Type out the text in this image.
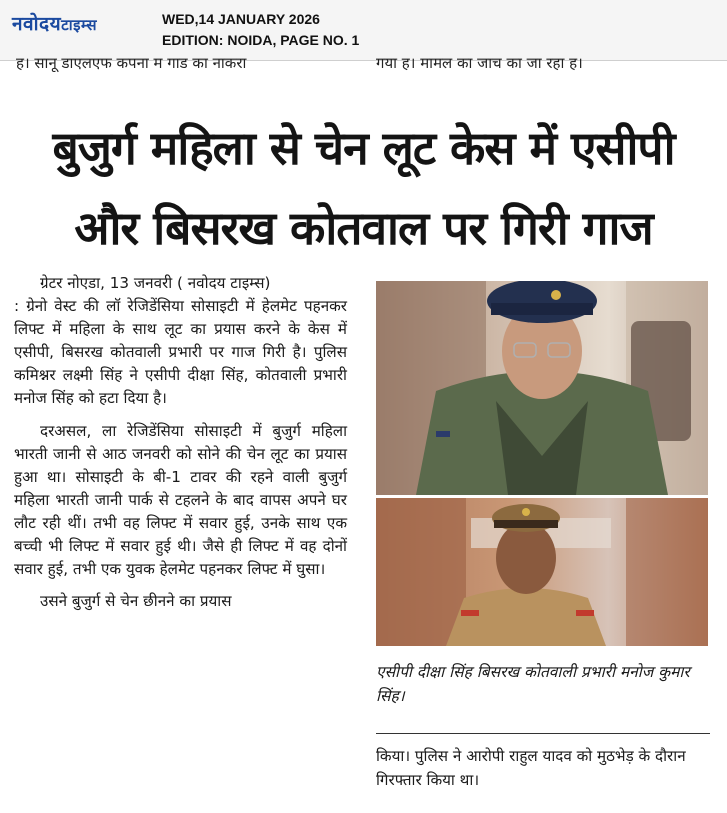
नवोदयटाइम्स	WED,14 JANUARY 2026
EDITION: NOIDA, PAGE NO. 1
ह। सानू डाएलएफ कपना म गाड का नाकरा	गया ह। मामल का जाच का जा रहा ह।
बुजुर्ग महिला से चेन लूट केस में एसीपी
और बिसरख कोतवाल पर गिरी गाज

ग्रेटर नोएडा, 13 जनवरी ( नवोदय टाइम्स)

: ग्रेनो वेस्ट की लॉ रेजिडेंसिया सोसाइटी में हेलमेट पहनकर लिफ्ट में महिला के साथ लूट का प्रयास करने के केस में एसीपी, बिसरख कोतवाली प्रभारी पर गाज गिरी है। पुलिस कमिश्नर लक्ष्मी सिंह ने एसीपी दीक्षा सिंह, कोतवाली प्रभारी मनोज सिंह को हटा दिया है।

दरअसल, ला रेजिडेंसिया सोसाइटी में बुजुर्ग महिला भारती जानी से आठ जनवरी को सोने की चेन लूट का प्रयास हुआ था। सोसाइटी के बी-1 टावर की रहने वाली बुजुर्ग महिला भारती जानी पार्क से टहलने के बाद वापस अपने घर लौट रही थीं। तभी वह लिफ्ट में सवार हुई, उनके साथ एक बच्ची भी लिफ्ट में सवार हुई थी। जैसे ही लिफ्ट में वह दोनों सवार हुई, तभी एक युवक हेलमेट पहनकर लिफ्ट में घुसा।

उसने बुजुर्ग से चेन छीनने का प्रयास

एसीपी दीक्षा सिंह बिसरख कोतवाली प्रभारी मनोज कुमार सिंह।
किया। पुलिस ने आरोपी राहुल यादव को मुठभेड़ के दौरान गिरफ्तार किया था।
